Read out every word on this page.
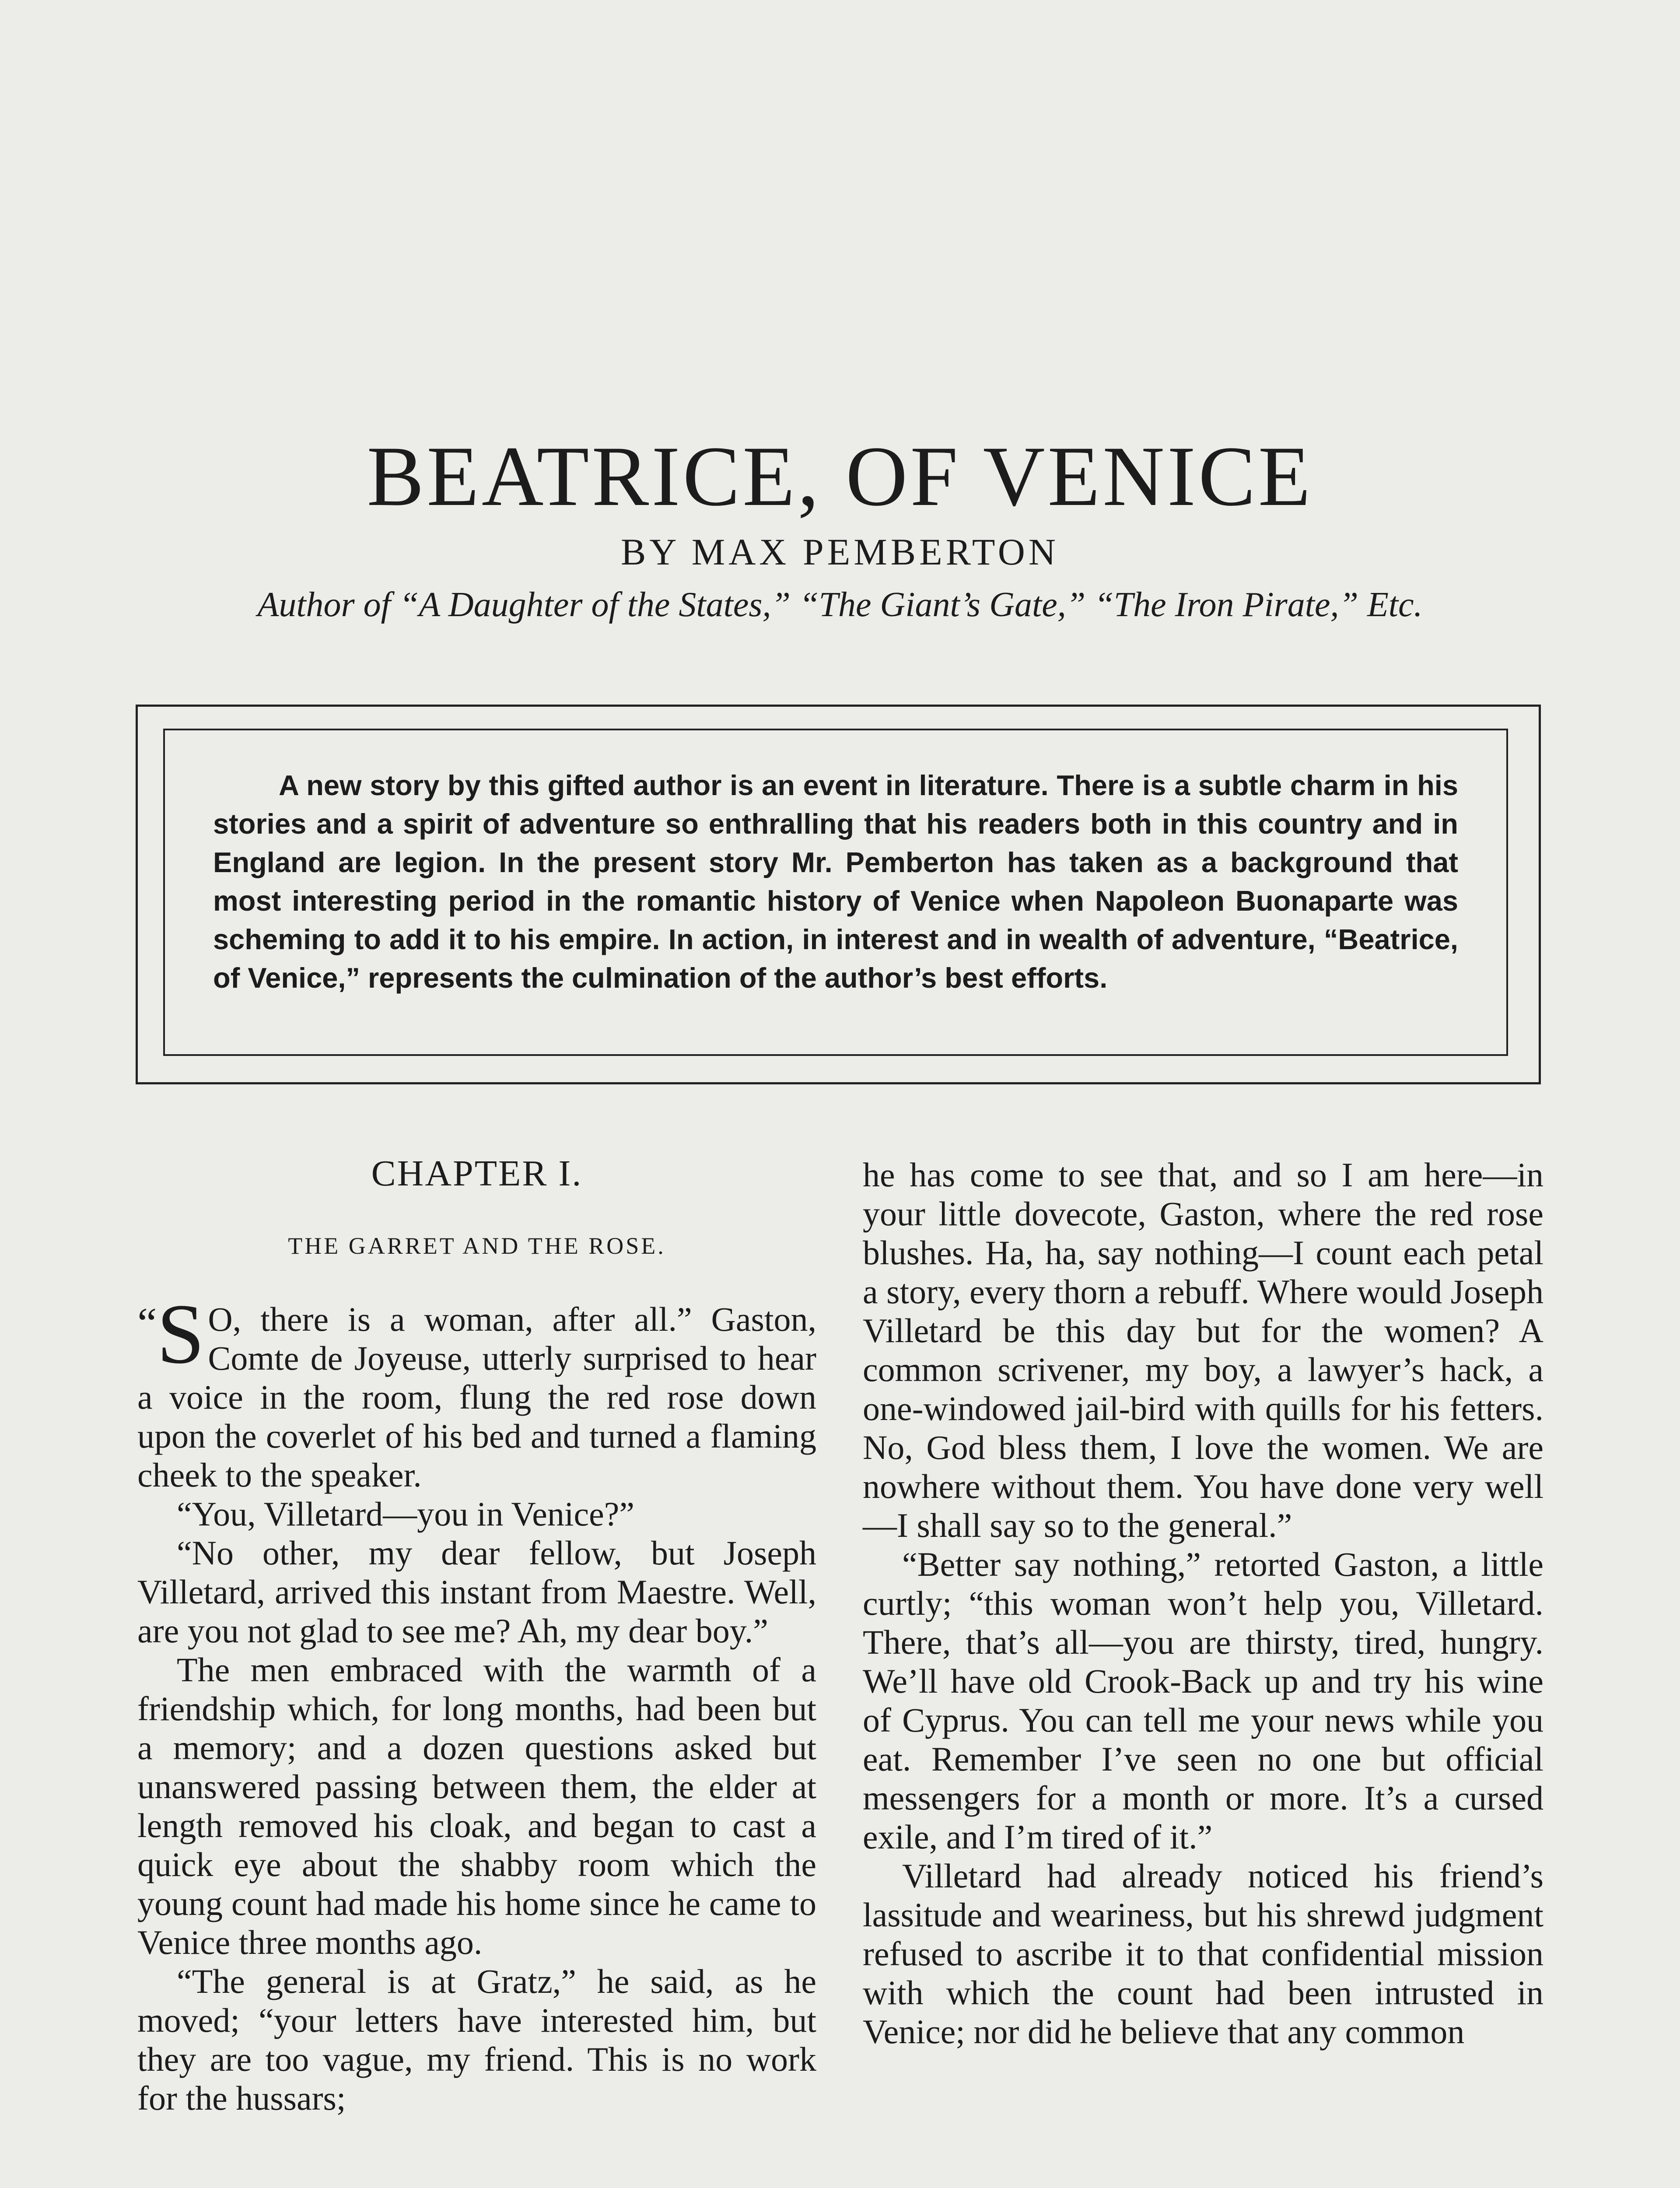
BEATRICE, OF VENICE
BY MAX PEMBERTON
Author of “A Daughter of the States,” “The Giant’s Gate,” “The Iron Pirate,” Etc.

A new story by this gifted author is an event in literature. There is a subtle charm in his stories and a spirit of adventure so enthralling that his readers both in this country and in England are legion. In the present story Mr. Pemberton has taken as a background that most interesting period in the romantic history of Venice when Napoleon Buonaparte was scheming to add it to his empire. In action, in interest and in wealth of adventure, “Beatrice, of Venice,” represents the culmination of the author’s best efforts.

CHAPTER I.
THE GARRET AND THE ROSE.

“S O, there is a woman, after all.” Gaston, Comte de Joyeuse, utterly surprised to hear a voice in the room, flung the red rose down upon the coverlet of his bed and turned a flaming cheek to the speaker.

“You, Villetard—you in Venice?”

“No other, my dear fellow, but Joseph Villetard, arrived this instant from Maestre. Well, are you not glad to see me? Ah, my dear boy.”

The men embraced with the warmth of a friendship which, for long months, had been but a memory; and a dozen questions asked but unanswered passing between them, the elder at length removed his cloak, and began to cast a quick eye about the shabby room which the young count had made his home since he came to Venice three months ago.

“The general is at Gratz,” he said, as he moved; “your letters have interested him, but they are too vague, my friend. This is no work for the hussars;

he has come to see that, and so I am here—in your little dovecote, Gaston, where the red rose blushes. Ha, ha, say nothing—I count each petal a story, every thorn a rebuff. Where would Joseph Villetard be this day but for the women? A common scrivener, my boy, a lawyer’s hack, a one-windowed jail-bird with quills for his fetters. No, God bless them, I love the women. We are nowhere without them. You have done very well—I shall say so to the general.”

“Better say nothing,” retorted Gaston, a little curtly; “this woman won’t help you, Villetard. There, that’s all—you are thirsty, tired, hungry. We’ll have old Crook-Back up and try his wine of Cyprus. You can tell me your news while you eat. Remember I’ve seen no one but official messengers for a month or more. It’s a cursed exile, and I’m tired of it.”

Villetard had already noticed his friend’s lassitude and weariness, but his shrewd judgment refused to ascribe it to that confidential mission with which the count had been intrusted in Venice; nor did he believe that any common
